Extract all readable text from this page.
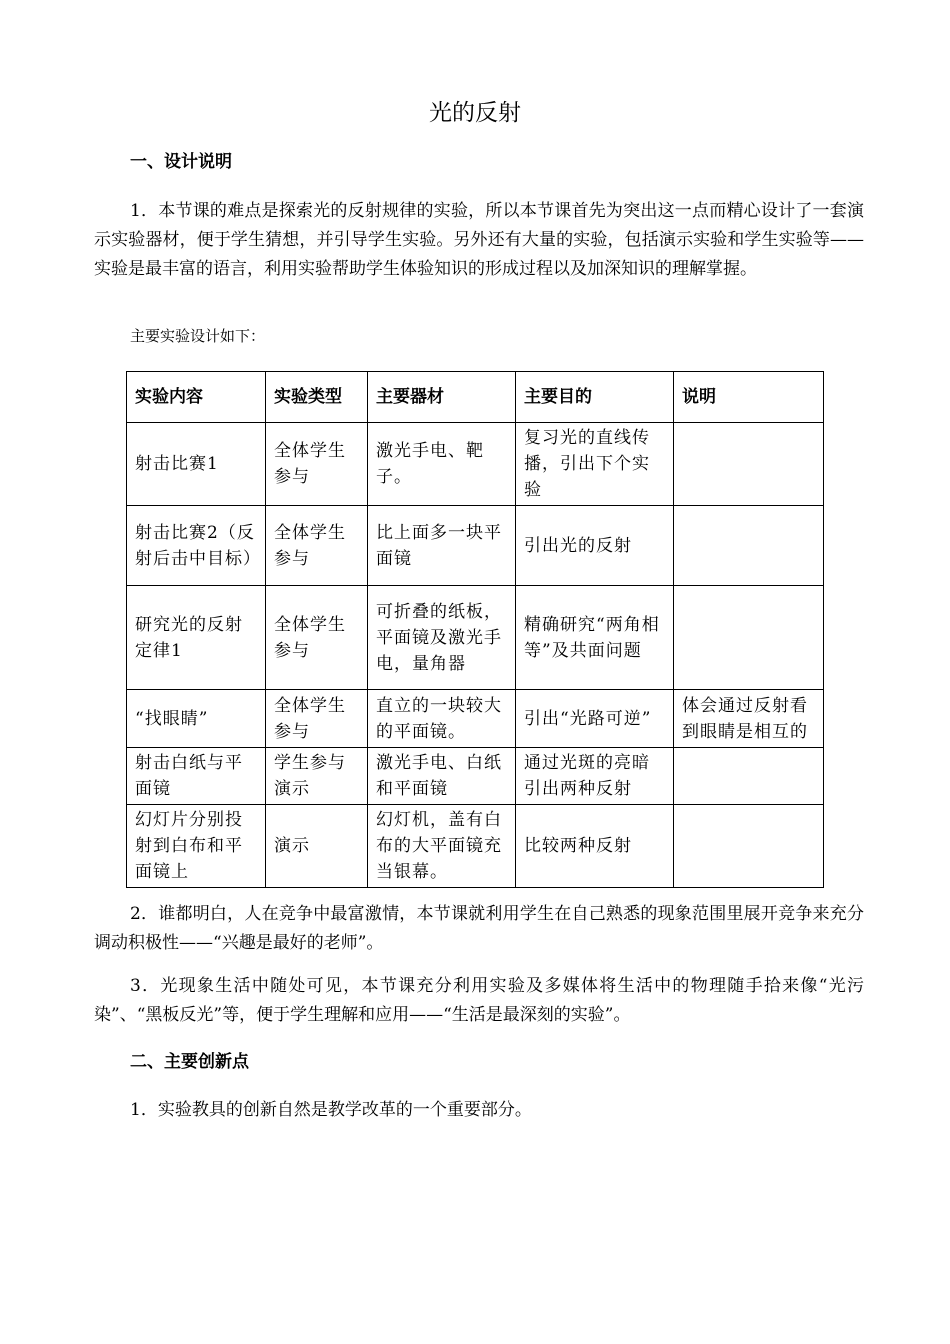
光的反射
一、设计说明

1．本节课的难点是探索光的反射规律的实验，所以本节课首先为突出这一点而精心设计了一套演示实验器材，便于学生猜想，并引导学生实验。另外还有大量的实验，包括演示实验和学生实验等——实验是最丰富的语言，利用实验帮助学生体验知识的形成过程以及加深知识的理解掌握。

主要实验设计如下：
实验内容	实验类型	主要器材	主要目的	说明
射击比赛1	全体学生参与	激光手电、靶子。	复习光的直线传播，引出下个实验	
射击比赛2（反射后击中目标）	全体学生参与	比上面多一块平面镜	引出光的反射	
研究光的反射定律1	全体学生参与	可折叠的纸板，平面镜及激光手电，量角器	精确研究“两角相等”及共面问题	
“找眼睛”	全体学生参与	直立的一块较大的平面镜。	引出“光路可逆”	体会通过反射看到眼睛是相互的
射击白纸与平面镜	学生参与演示	激光手电、白纸和平面镜	通过光斑的亮暗引出两种反射	
幻灯片分别投射到白布和平面镜上	演示	幻灯机，盖有白布的大平面镜充当银幕。	比较两种反射	

2．谁都明白，人在竞争中最富激情，本节课就利用学生在自己熟悉的现象范围里展开竞争来充分调动积极性——“兴趣是最好的老师”。

3．光现象生活中随处可见，本节课充分利用实验及多媒体将生活中的物理随手拾来像“光污染”、“黑板反光”等，便于学生理解和应用——“生活是最深刻的实验”。

二、主要创新点

1．实验教具的创新自然是教学改革的一个重要部分。
